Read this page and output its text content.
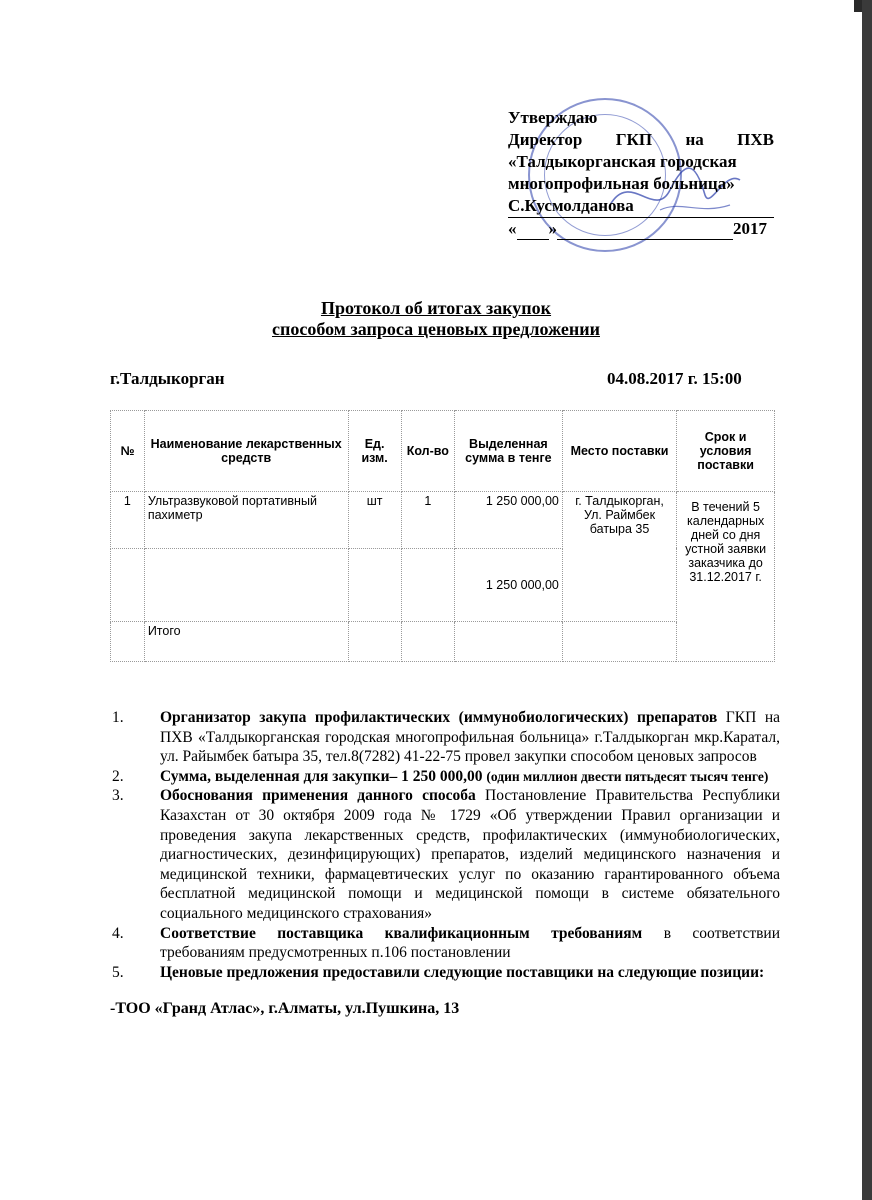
Утверждаю
Директор ГКП на ПХВ
«Талдыкорганская городская
многопрофильная больница»
С.Кусмолданова
« »	2017
Протокол об итогах закупок
способом запроса ценовых предложении
г.Талдыкорган	04.08.2017 г. 15:00
№	Наименование лекарственных средств	Ед. изм.	Кол-во	Выделенная сумма в тенге	Место поставки	Срок и условия поставки
1	Ультразвуковой портативный пахиметр	шт	1	1 250 000,00	г. Талдыкорган, Ул. Раймбек батыра 35	В течений 5 календарных дней со дня устной заявки заказчика до 31.12.2017 г.
				1 250 000,00		
	Итого					
1.	Организатор закупа профилактических (иммунобиологических) препаратов ГКП на ПХВ «Талдыкорганская городская многопрофильная больница» г.Талдыкорган мкр.Каратал, ул. Райымбек батыра 35, тел.8(7282) 41-22-75 провел закупки способом ценовых запросов
2.	Сумма, выделенная для закупки– 1 250 000,00 (один миллион двести пятьдесят тысяч тенге)
3.	Обоснования применения данного способа Постановление Правительства Республики Казахстан от 30 октября 2009 года № 1729 «Об утверждении Правил организации и проведения закупа лекарственных средств, профилактических (иммунобиологических, диагностических, дезинфицирующих) препаратов, изделий медицинского назначения и медицинской техники, фармацевтических услуг по оказанию гарантированного объема бесплатной медицинской помощи и медицинской помощи в системе обязательного социального медицинского страхования»
4.	Соответствие поставщика квалификационным требованиям в соответствии требованиям предусмотренных п.106 постановлении
5.	Ценовые предложения предоставили следующие поставщики на следующие позиции:
-ТОО «Гранд Атлас», г.Алматы, ул.Пушкина, 13
